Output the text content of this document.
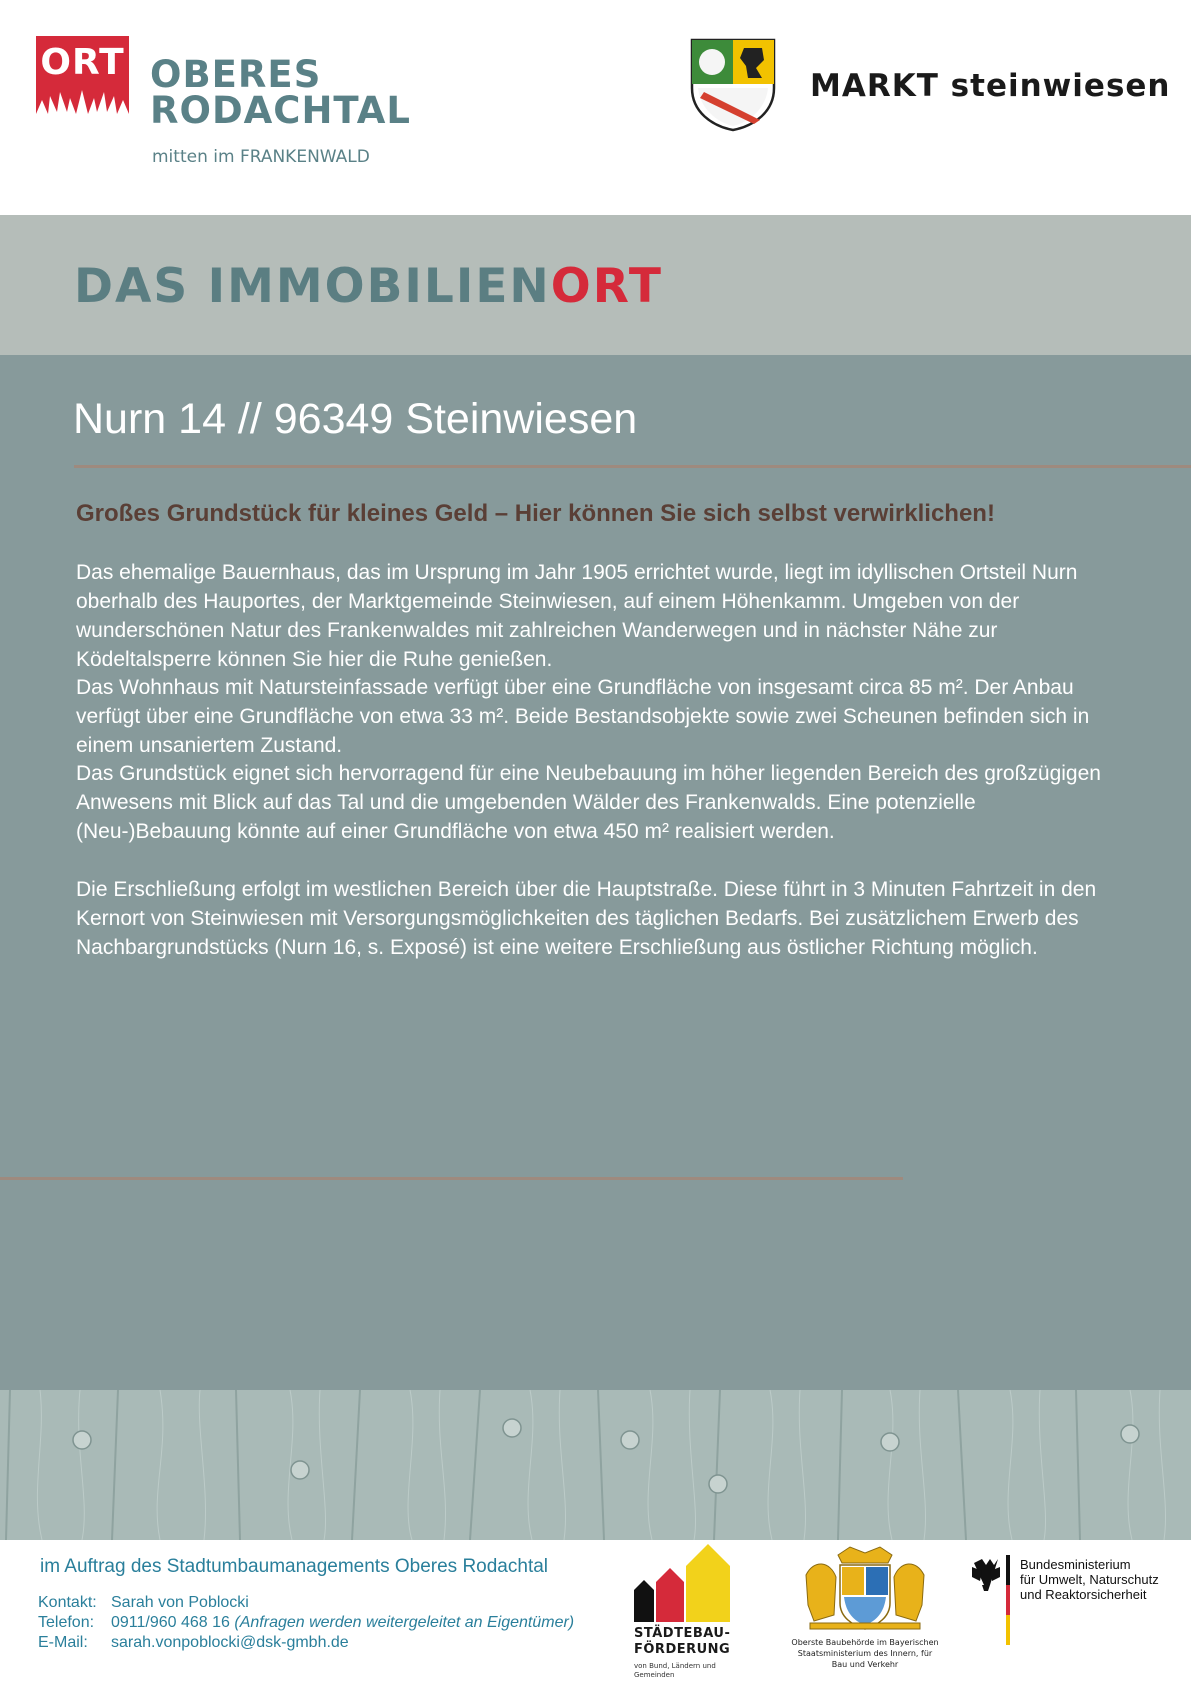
ORT OBERES
RODACHTAL
mitten im FRANKENWALD
MARKT steinwiesen
DAS IMMOBILIENORT
Nurn 14 // 96349 Steinwiesen
Großes Grundstück für kleines Geld – Hier können Sie sich selbst verwirklichen!

Das ehemalige Bauernhaus, das im Ursprung im Jahr 1905 errichtet wurde, liegt im idyllischen Ortsteil Nurn oberhalb des Hauportes, der Marktgemeinde Steinwiesen, auf einem Höhenkamm. Umgeben von der wunderschönen Natur des Frankenwaldes mit zahlreichen Wanderwegen und in nächster Nähe zur Ködeltalsperre können Sie hier die Ruhe genießen.

Das Wohnhaus mit Natursteinfassade verfügt über eine Grundfläche von insgesamt circa 85 m². Der Anbau verfügt über eine Grundfläche von etwa 33 m². Beide Bestandsobjekte sowie zwei Scheunen befinden sich in einem unsaniertem Zustand.

Das Grundstück eignet sich hervorragend für eine Neubebauung im höher liegenden Bereich des großzügigen Anwesens mit Blick auf das Tal und die umgebenden Wälder des Frankenwalds. Eine potenzielle (Neu-)Bebauung könnte auf einer Grundfläche von etwa 450 m² realisiert werden.

Die Erschließung erfolgt im westlichen Bereich über die Hauptstraße. Diese führt in 3 Minuten Fahrtzeit in den Kernort von Steinwiesen mit Versorgungsmöglichkeiten des täglichen Bedarfs. Bei zusätzlichem Erwerb des Nachbargrundstücks (Nurn 16, s. Exposé) ist eine weitere Erschließung aus östlicher Richtung möglich.

im Auftrag des Stadtumbaumanagements Oberes Rodachtal
Kontakt: Sarah von Poblocki
Telefon: 0911/960 468 16 (Anfragen werden weitergeleitet an Eigentümer)
E-Mail: sarah.vonpoblocki@dsk-gmbh.de
STÄDTEBAU-
FÖRDERUNG
von Bund, Ländern und Gemeinden
Oberste Baubehörde im Bayerischen Staatsministerium des Innern, für Bau und Verkehr
Bundesministerium
für Umwelt, Naturschutz
und Reaktorsicherheit
